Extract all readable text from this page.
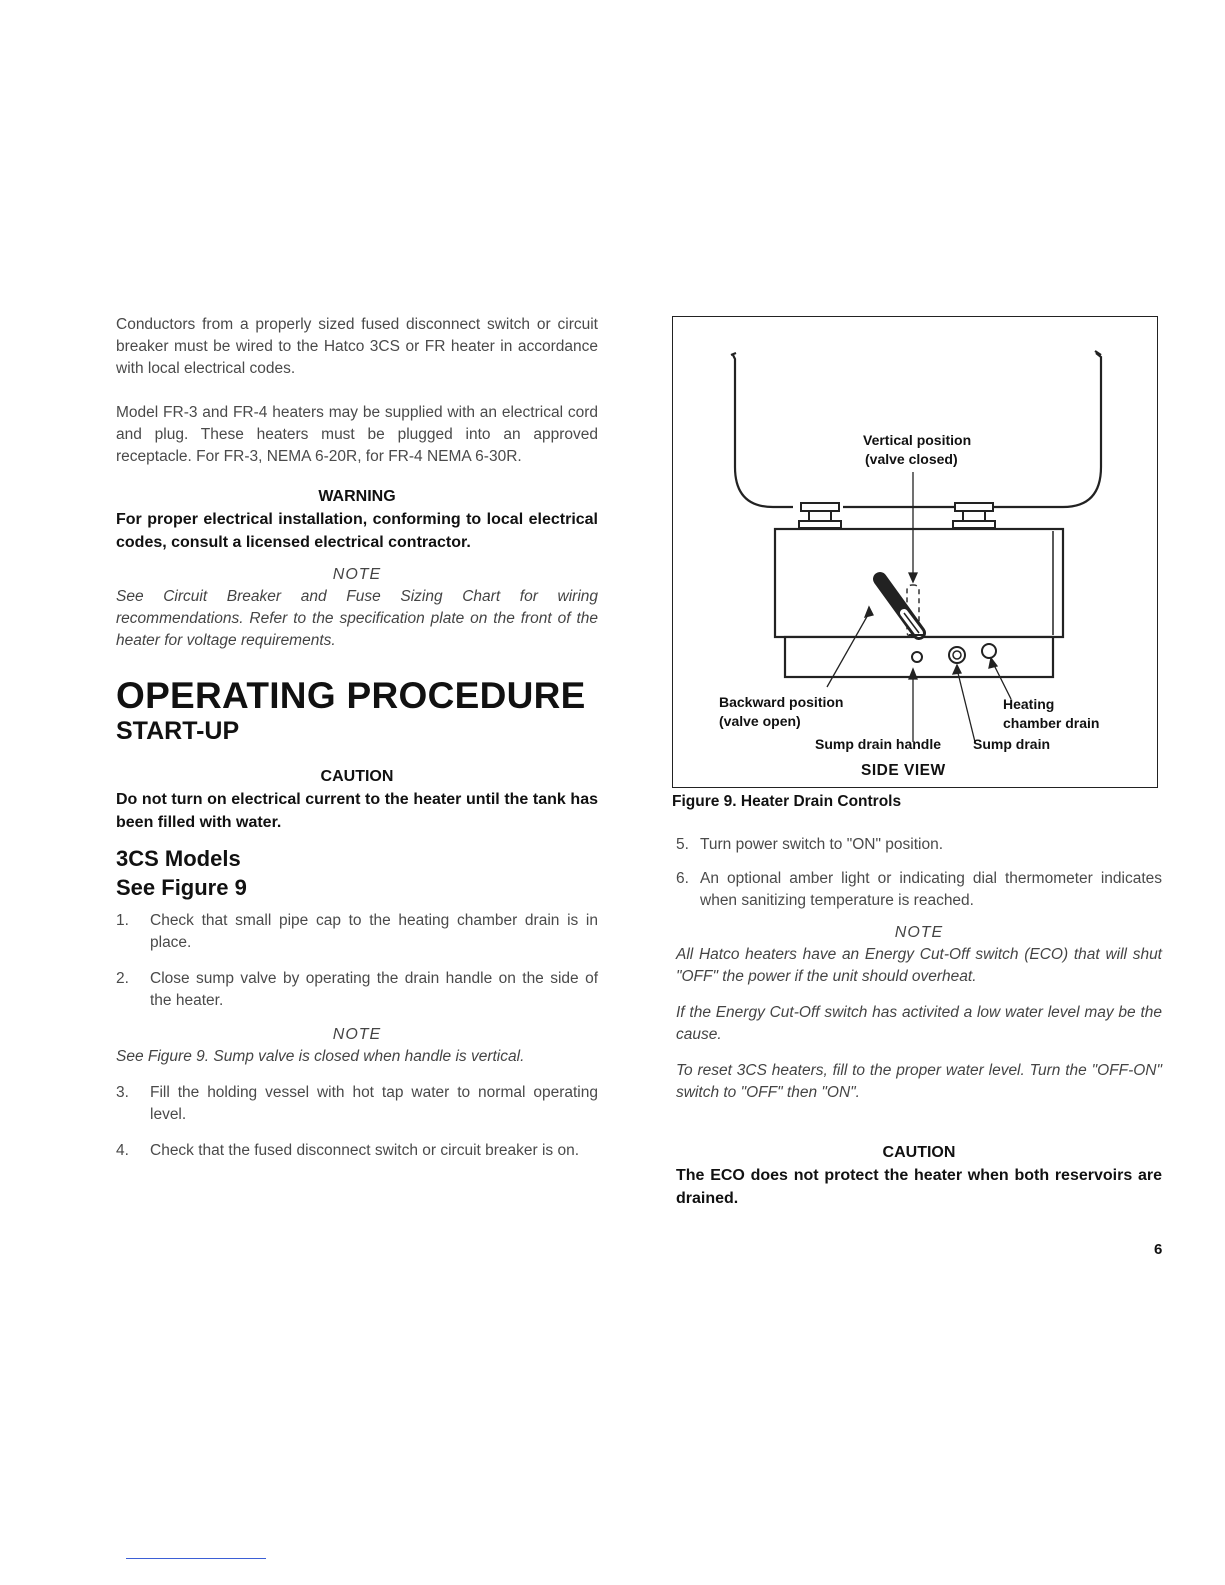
Conductors from a properly sized fused disconnect switch or circuit breaker must be wired to the Hatco 3CS or FR heater in accordance with local electrical codes.

Model FR-3 and FR-4 heaters may be supplied with an electrical cord and plug. These heaters must be plugged into an approved receptacle. For FR-3, NEMA 6-20R, for FR-4 NEMA 6-30R.

WARNING

For proper electrical installation, conforming to local electrical codes, consult a licensed electrical contractor.

NOTE

See Circuit Breaker and Fuse Sizing Chart for wiring recommendations. Refer to the specification plate on the front of the heater for voltage requirements.

OPERATING PROCEDURE

START-UP

CAUTION

Do not turn on electrical current to the heater until the tank has been filled with water.

3CS Models

See Figure 9

1. Check that small pipe cap to the heating chamber drain is in place.

2. Close sump valve by operating the drain handle on the side of the heater.

NOTE

See Figure 9. Sump valve is closed when handle is vertical.

3. Fill the holding vessel with hot tap water to normal operating level.

4. Check that the fused disconnect switch or circuit breaker is on.

Vertical position
(valve closed)
Backward position
(valve open)
Heating
chamber drain
Sump drain handle Sump drain
SIDE VIEW
Figure 9. Heater Drain Controls

5. Turn power switch to "ON" position.

6. An optional amber light or indicating dial thermometer indicates when sanitizing temperature is reached.

NOTE

All Hatco heaters have an Energy Cut-Off switch (ECO) that will shut "OFF" the power if the unit should overheat.

If the Energy Cut-Off switch has activited a low water level may be the cause.

To reset 3CS heaters, fill to the proper water level. Turn the "OFF-ON" switch to "OFF" then "ON".

CAUTION

The ECO does not protect the heater when both reservoirs are drained.

6
